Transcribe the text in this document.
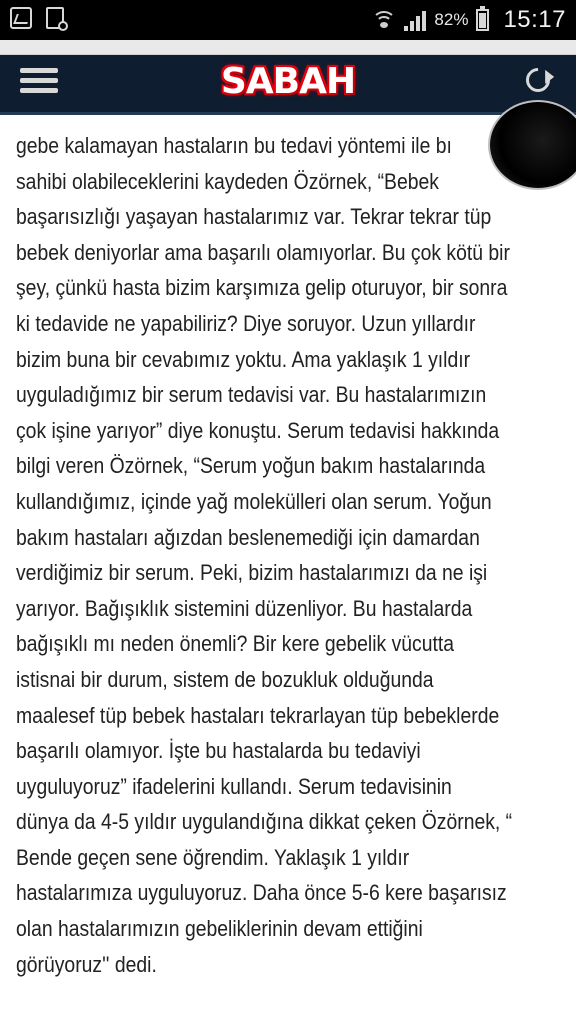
82% 15:17
SABAH
gebe kalamayan hastaların bu tedavi yöntemi ile bı
sahibi olabileceklerini kaydeden Özörnek, “Bebek
başarısızlığı yaşayan hastalarımız var. Tekrar tekrar tüp
bebek deniyorlar ama başarılı olamıyorlar. Bu çok kötü bir
şey, çünkü hasta bizim karşımıza gelip oturuyor, bir sonra
ki tedavide ne yapabiliriz? Diye soruyor. Uzun yıllardır
bizim buna bir cevabımız yoktu. Ama yaklaşık 1 yıldır
uyguladığımız bir serum tedavisi var. Bu hastalarımızın
çok işine yarıyor” diye konuştu. Serum tedavisi hakkında
bilgi veren Özörnek, “Serum yoğun bakım hastalarında
kullandığımız, içinde yağ molekülleri olan serum. Yoğun
bakım hastaları ağızdan beslenemediği için damardan
verdiğimiz bir serum. Peki, bizim hastalarımızı da ne işi
yarıyor. Bağışıklık sistemini düzenliyor. Bu hastalarda
bağışıklı mı neden önemli? Bir kere gebelik vücutta
istisnai bir durum, sistem de bozukluk olduğunda
maalesef tüp bebek hastaları tekrarlayan tüp bebeklerde
başarılı olamıyor. İşte bu hastalarda bu tedaviyi
uyguluyoruz” ifadelerini kullandı. Serum tedavisinin
dünya da 4-5 yıldır uygulandığına dikkat çeken Özörnek, “
Bende geçen sene öğrendim. Yaklaşık 1 yıldır
hastalarımıza uyguluyoruz. Daha önce 5-6 kere başarısız
olan hastalarımızın gebeliklerinin devam ettiğini
görüyoruz'' dedi.
